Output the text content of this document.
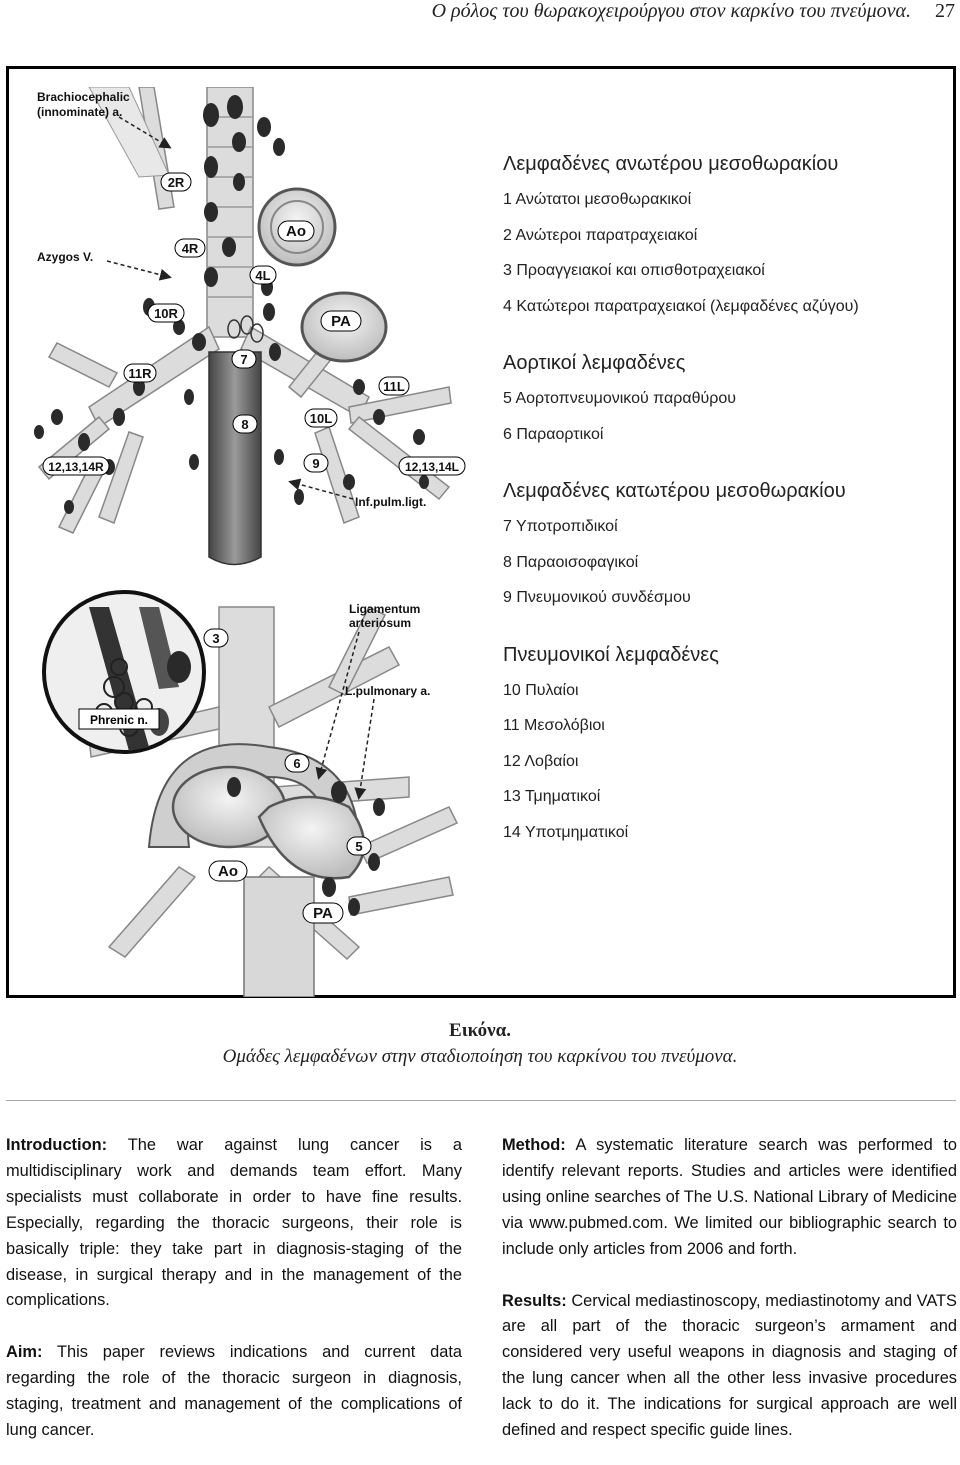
Ο ρόλος του θωρακοχειρούργου στον καρκίνο του πνεύμονα. 27
2R
4R
4L
10R
7
11R
11L
10L
8
9
12,13,14R	12,13,14L
Ao
PA
Brachiocephalic
(innominate) a.
Azygos V.
Inf.pulm.ligt.
3
6
5
Ao
PA
Ligamentum
arteriosum
L.pulmonary a.
Phrenic n.
Λεμφαδένες ανωτέρου μεσοθωρακίου
1 Ανώτατοι μεσοθωρακικοί
2 Ανώτεροι παρατραχειακοί
3 Προαγγειακοί και οπισθοτραχειακοί
4 Κατώτεροι παρατραχειακοί (λεμφαδένες αζύγου)
Αορτικοί λεμφαδένες
5 Αορτοπνευμονικού παραθύρου
6 Παραορτικοί
Λεμφαδένες κατωτέρου μεσοθωρακίου
7 Υποτροπιδικοί
8 Παραοισοφαγικοί
9 Πνευμονικού συνδέσμου
Πνευμονικοί λεμφαδένες
10 Πυλαίοι
11 Μεσολόβιοι
12 Λοβαίοι
13 Τμηματικοί
14 Υποτμηματικοί
Εικόνα.
Ομάδες λεμφαδένων στην σταδιοποίηση του καρκίνου του πνεύμονα.

Introduction: The war against lung cancer is a multidisciplinary work and demands team effort. Many specialists must collaborate in order to have fine results. Especially, regarding the thoracic surgeons, their role is basically triple: they take part in diagnosis-staging of the disease, in surgical therapy and in the management of the complications.

Aim: This paper reviews indications and current data regarding the role of the thoracic surgeon in diagnosis, staging, treatment and management of the complications of lung cancer.

Method: A systematic literature search was performed to identify relevant reports. Studies and articles were identified using online searches of The U.S. National Library of Medicine via www.pubmed.com. We limited our bibliographic search to include only articles from 2006 and forth.

Results: Cervical mediastinoscopy, mediastinotomy and VATS are all part of the thoracic surgeon’s armament and considered very useful weapons in diagnosis and staging of the lung cancer when all the other less invasive procedures lack to do it. The indications for surgical approach are well defined and respect specific guide lines.
